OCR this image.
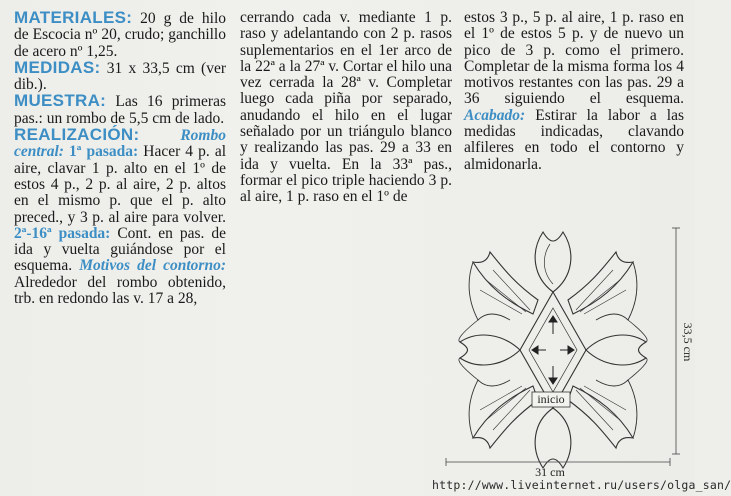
MATERIALES: 20 g de hilo de Escocia nº 20, crudo; ganchillo de acero nº 1,25.
MEDIDAS: 31 x 33,5 cm (ver dib.).
MUESTRA: Las 16 primeras pas.: un rombo de 5,5 cm de lado.
REALIZACIÓN:	Rombo central: 1ª pasada: Hacer 4 p. al aire, clavar 1 p. alto en el 1º de estos 4 p., 2 p. al aire, 2 p. altos en el mismo p. que el p. alto preced., y 3 p. al aire para volver. 2ª-16ª pasada: Cont. en pas. de ida y vuelta guiándose por el esquema. Motivos del contorno: Alrededor del rombo obtenido, trb. en redondo las v. 17 a 28,
cerrando cada v. mediante 1 p. raso y adelantando con 2 p. rasos suplementarios en el 1er arco de la 22ª a la 27ª v. Cortar el hilo una vez cerrada la 28ª v. Completar luego cada piña por separado, anudando el hilo en el lugar señalado por un triángulo blanco y realizando las pas. 29 a 33 en ida y vuelta. En la 33ª pas., formar el pico triple haciendo 3 p. al aire, 1 p. raso en el 1º de
estos 3 p., 5 p. al aire, 1 p. raso en el 1º de estos 5 p. y de nuevo un pico de 3 p. como el primero. Completar de la misma forma los 4 motivos restantes con las pas. 29 a 36 siguiendo el esquema. Acabado: Estirar la labor a las medidas indicadas, clavando alfileres en todo el contorno y almidonarla.
inicio
31 cm
33,5 cm
http://www.liveinternet.ru/users/olga_san/
